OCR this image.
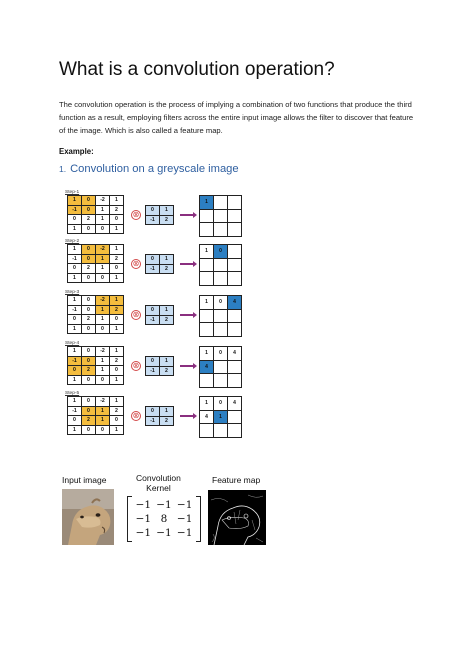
What is a convolution operation?
The convolution operation is the process of implying a combination of two functions that produce the third function as a result, employing filters across the entire input image allows the filter to discover that feature of the image. Which is also called a feature map.
Example:
1. Convolution on a greyscale image
Step-1
1	0	-2	1
-1	0	1	2
0	2	1	0
1	0	0	1
⊗	0	1
-1	2
1		

Step-2
1	0	-2	1
-1	0	1	2
0	2	1	0
1	0	0	1
⊗	0	1
-1	2
1	0	

Step-3
1	0	-2	1
-1	0	1	2
0	2	1	0
1	0	0	1
⊗	0	1
-1	2
1	0	4

Step-4
1	0	-2	1
-1	0	1	2
0	2	1	0
1	0	0	1
⊗	0	1
-1	2
1	0	4
4		

Step-5
1	0	-2	1
-1	0	1	2
0	2	1	0
1	0	0	1
⊗	0	1
-1	2
1	0	4
4	1	

Input image	Convolution
Kernel
Feature map
−1	−1	−1
−1	8	−1
−1	−1	−1
